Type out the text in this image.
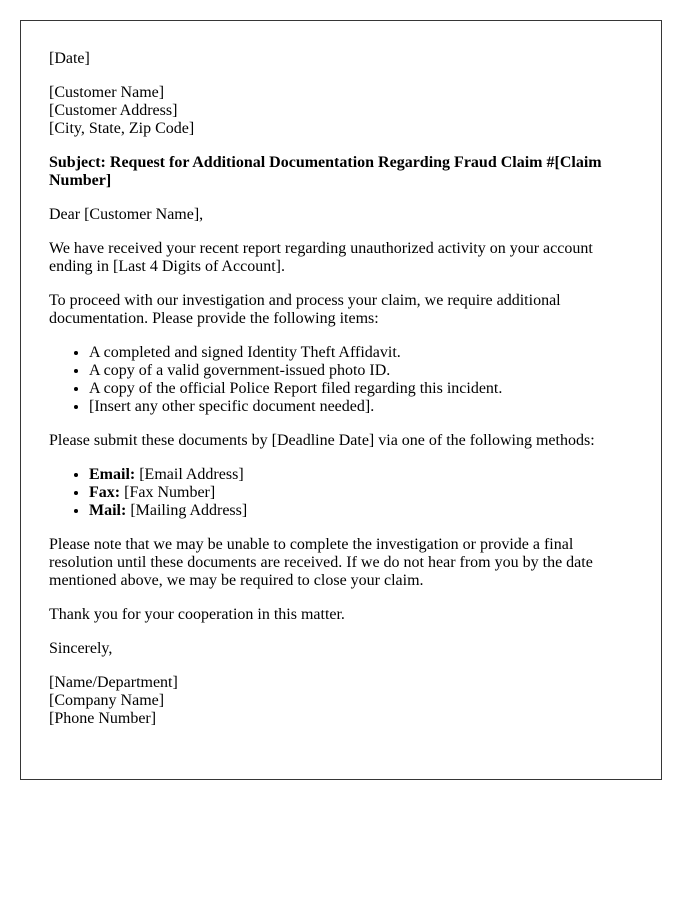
[Date]

[Customer Name]
[Customer Address]
[City, State, Zip Code]

Subject: Request for Additional Documentation Regarding Fraud Claim #[Claim Number]

Dear [Customer Name],

We have received your recent report regarding unauthorized activity on your account ending in [Last 4 Digits of Account].

To proceed with our investigation and process your claim, we require additional documentation. Please provide the following items:

• A completed and signed Identity Theft Affidavit.
• A copy of a valid government-issued photo ID.
• A copy of the official Police Report filed regarding this incident.
• [Insert any other specific document needed].

Please submit these documents by [Deadline Date] via one of the following methods:

• Email: [Email Address]
• Fax: [Fax Number]
• Mail: [Mailing Address]

Please note that we may be unable to complete the investigation or provide a final resolution until these documents are received. If we do not hear from you by the date mentioned above, we may be required to close your claim.

Thank you for your cooperation in this matter.

Sincerely,

[Name/Department]
[Company Name]
[Phone Number]
